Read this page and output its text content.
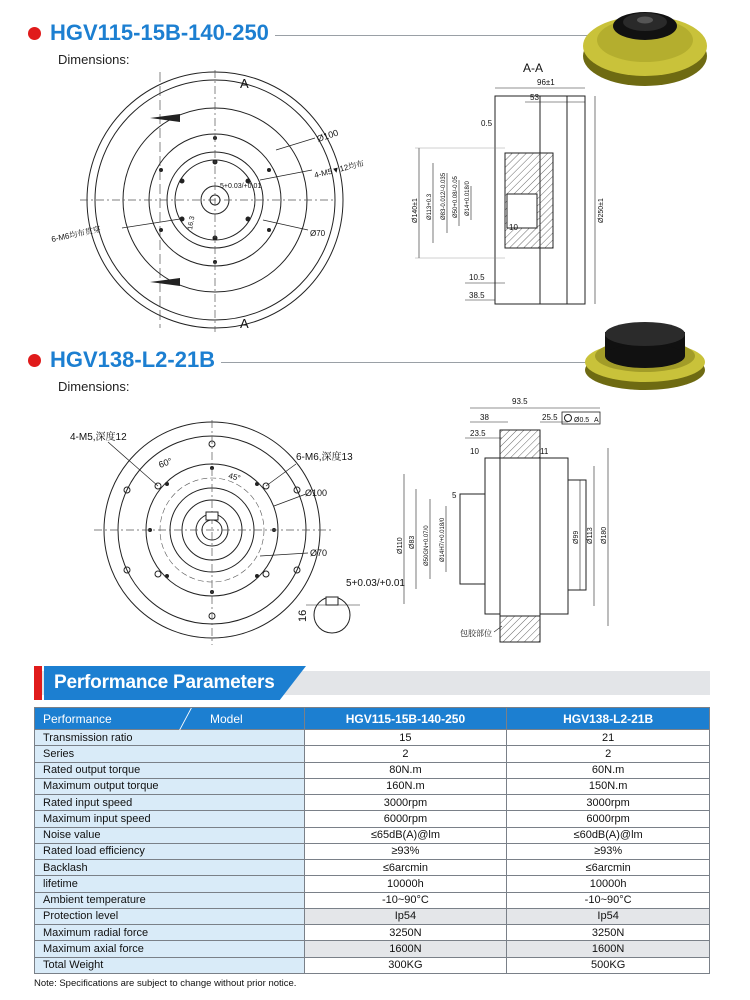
HGV115-15B-140-250
Dimensions:
A
A
Ø100
4-M5▼12均布
5+0.03/+0.01
16.3
6-M6均布贯穿	Ø70
A-A
96±1
53
0.5
Ø140±1 Ø113+0.3 Ø83-0.012/-0.035 Ø50+0.08/-0.05 Ø14+0.018/0
10
10.5
38.5
Ø250±1
HGV138-L2-21B
Dimensions:
4-M5,深度12
60°
45°
6-M6,深度13
Ø100
Ø70
5+0.03/+0.01
16
93.5
38	25.5 Ø0.5 A
23.5
10	11
5
Ø110 Ø83 Ø50GN+0.07/0 Ø14H7/+0.018/0	Ø99 Ø113 Ø180
包胶部位
Performance Parameters
Performance Model	HGV115-15B-140-250	HGV138-L2-21B
Transmission ratio	15	21
Series	2	2
Rated output torque	80N.m	60N.m
Maximum output torque	160N.m	150N.m
Rated input speed	3000rpm	3000rpm
Maximum input speed	6000rpm	6000rpm
Noise value	≤65dB(A)@lm	≤60dB(A)@lm
Rated load efficiency	≥93%	≥93%
Backlash	≤6arcmin	≤6arcmin
lifetime	10000h	10000h
Ambient temperature	-10~90°C	-10~90°C
Protection level	Ip54	Ip54
Maximum radial force	3250N	3250N
Maximum axial force	1600N	1600N
Total Weight	300KG	500KG
Note: Specifications are subject to change without prior notice.
